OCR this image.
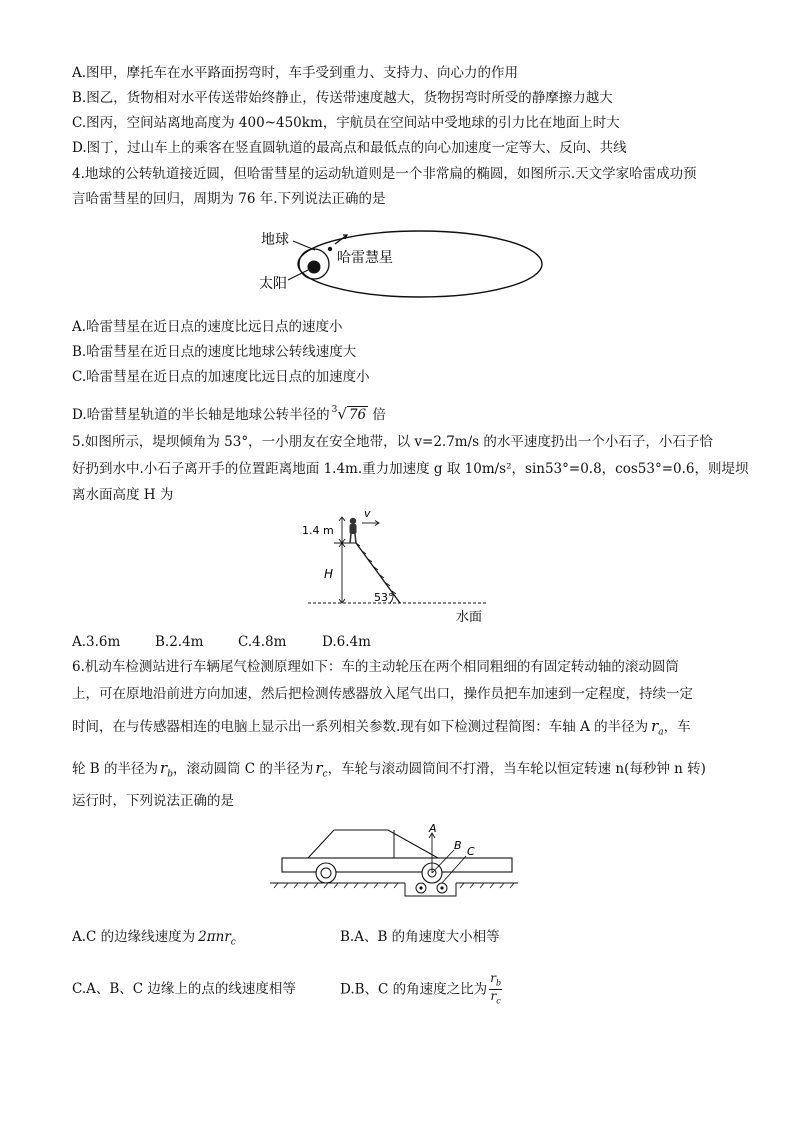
A.图甲，摩托车在水平路面拐弯时，车手受到重力、支持力、向心力的作用
B.图乙，货物相对水平传送带始终静止，传送带速度越大，货物拐弯时所受的静摩擦力越大
C.图丙，空间站离地高度为 400~450km，宇航员在空间站中受地球的引力比在地面上时大
D.图丁，过山车上的乘客在竖直圆轨道的最高点和最低点的向心加速度一定等大、反向、共线
4.地球的公转轨道接近圆，但哈雷彗星的运动轨道则是一个非常扁的椭圆，如图所示.天文学家哈雷成功预
言哈雷彗星的回归，周期为 76 年.下列说法正确的是
地球
哈雷慧星
太阳
A.哈雷彗星在近日点的速度比远日点的速度小
B.哈雷彗星在近日点的速度比地球公转线速度大
C.哈雷彗星在近日点的加速度比远日点的加速度小
D.哈雷彗星轨道的半长轴是地球公转半径的 $^3$√ 76 倍
5.如图所示，堤坝倾角为 53°，一小朋友在安全地带，以 v=2.7m/s 的水平速度扔出一个小石子，小石子恰
好扔到水中.小石子离开手的位置距离地面 1.4m.重力加速度 g 取 10m/s²，sin53°=0.8，cos53°=0.6，则堤坝
离水面高度 H 为
v
1.4 m
H
53°
水面
A.3.6m	B.2.4m	C.4.8m	D.6.4m
6.机动车检测站进行车辆尾气检测原理如下：车的主动轮压在两个相同粗细的有固定转动轴的滚动圆筒
上，可在原地沿前进方向加速，然后把检测传感器放入尾气出口，操作员把车加速到一定程度，持续一定
时间，在与传感器相连的电脑上显示出一系列相关参数.现有如下检测过程简图：车轴 A 的半径为 $r_a$，车
轮 B 的半径为 $r_b$，滚动圆筒 C 的半径为 $r_c$，车轮与滚动圆筒间不打滑，当车轮以恒定转速 n(每秒钟 n 转)
运行时，下列说法正确的是
A
B C
A.C 的边缘线速度为 2πnr$_c$	B.A、B 的角速度大小相等
C.A、B、C 边缘上的点的线速度相等	D.B、C 的角速度之比为 $\frac{r_b}{r_c}$
